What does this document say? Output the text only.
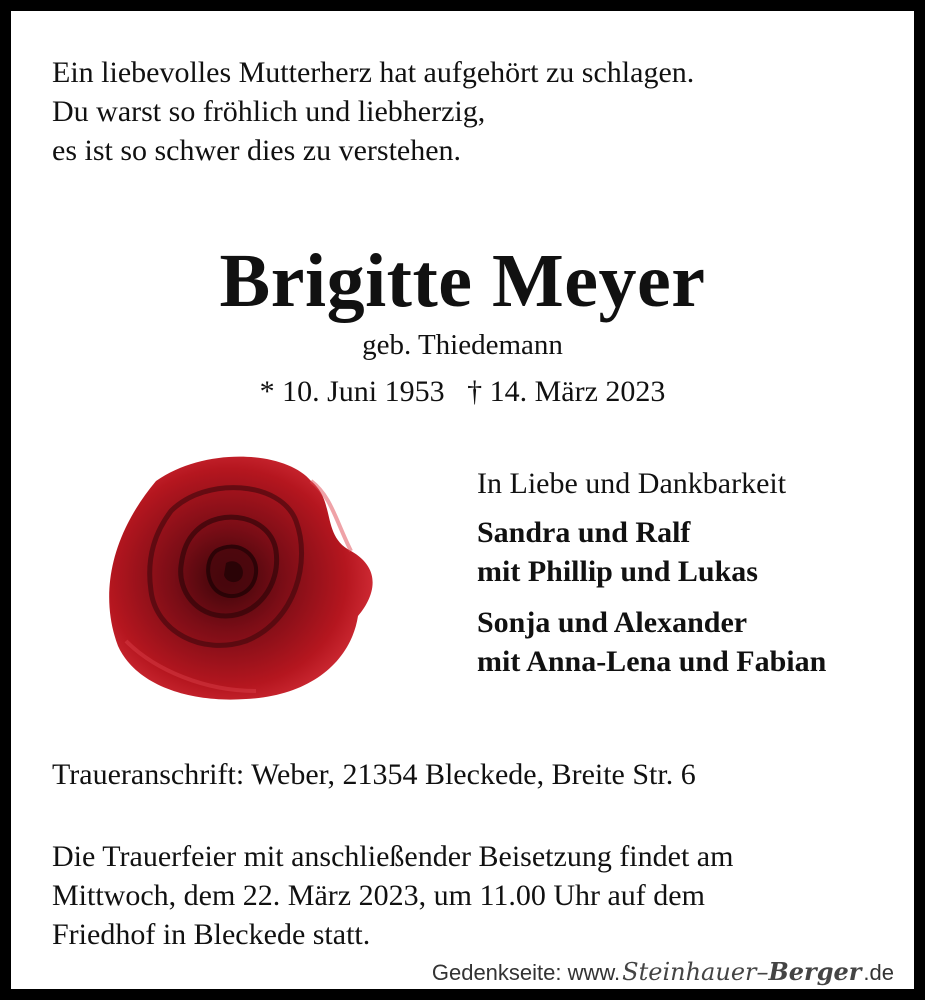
Ein liebevolles Mutterherz hat aufgehört zu schlagen.
Du warst so fröhlich und liebherzig,
es ist so schwer dies zu verstehen.
Brigitte Meyer
geb. Thiedemann
* 10. Juni 1953 † 14. März 2023
In Liebe und Dankbarkeit
Sandra und Ralf
mit Phillip und Lukas
Sonja und Alexander
mit Anna-Lena und Fabian
Traueranschrift: Weber, 21354 Bleckede, Breite Str. 6
Die Trauerfeier mit anschließender Beisetzung findet am
Mittwoch, dem 22. März 2023, um 11.00 Uhr auf dem
Friedhof in Bleckede statt.
Gedenkseite: www. Steinhauer–Berger .de
